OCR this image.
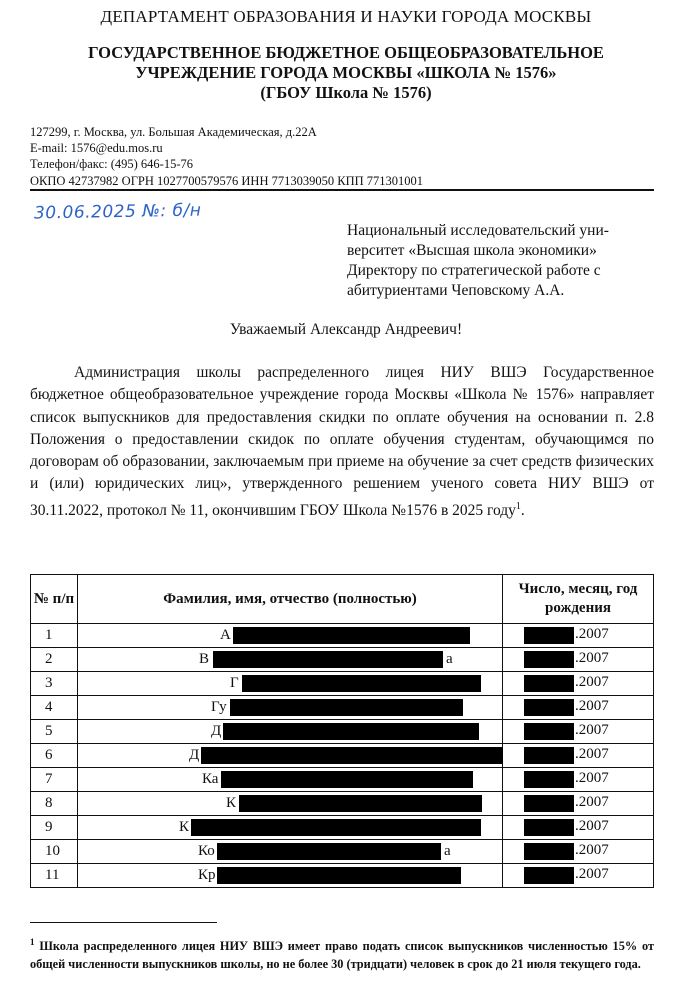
ДЕПАРТАМЕНТ ОБРАЗОВАНИЯ И НАУКИ ГОРОДА МОСКВЫ
ГОСУДАРСТВЕННОЕ БЮДЖЕТНОЕ ОБЩЕОБРАЗОВАТЕЛЬНОЕ
УЧРЕЖДЕНИЕ ГОРОДА МОСКВЫ «ШКОЛА № 1576»
(ГБОУ Школа № 1576)
127299, г. Москва, ул. Большая Академическая, д.22А
E-mail: 1576@edu.mos.ru
Телефон/факс: (495) 646-15-76
ОКПО 42737982 ОГРН 1027700579576 ИНН 7713039050 КПП 771301001
30.06.2025 №: б/н
Национальный исследовательский уни-
верситет «Высшая школа экономики»
Директору по стратегической работе с
абитуриентами Чеповскому А.А.
Уважаемый Александр Андреевич!
Администрация школы распределенного лицея НИУ ВШЭ Государственное бюджетное общеобразовательное учреждение города Москвы «Школа № 1576» направляет список выпускников для предоставления скидки по оплате обучения на основании п. 2.8 Положения о предоставлении скидок по оплате обучения студентам, обучающимся по договорам об образовании, заключаемым при приеме на обучение за счет средств физических и (или) юридических лиц», утвержденного решением ученого совета НИУ ВШЭ от 30.11.2022, протокол № 11, окончившим ГБОУ Школа №1576 в 2025 году$^1$.
№ п/п	Фамилия, имя, отчество (полностью)	Число, месяц, год рождения
1	А	.2007

2	В а	.2007

3	Г	.2007

4	Гу	.2007

5	Д	.2007

6	Д	.2007

7	Ка	.2007

8	К	.2007

9	К	.2007

10	Ко а	.2007

11	Кр	.2007
$^1$ Школа распределенного лицея НИУ ВШЭ имеет право подать список выпускников численностью 15% от общей численности выпускников школы, но не более 30 (тридцати) человек в срок до 21 июля текущего года.
